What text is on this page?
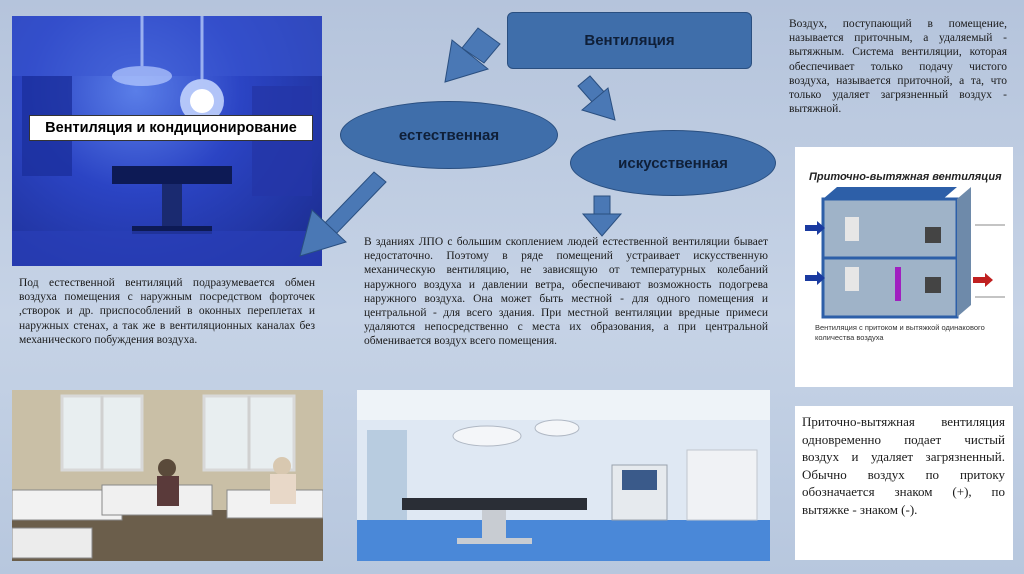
Вентиляция и кондиционирование
Вентиляция
естественная
искусственная
Воздух, поступающий в помещение, называется приточным, а удаляемый - вытяжным. Система вентиляции, которая обеспечивает только подачу чистого воздуха, называется приточной, а та, что только удаляет загрязненный воздух - вытяжной.
Приточно-вытяжная вентиляция
Вентиляция с притоком и вытяжкой одинакового количества воздуха
Под естественной вентиляций подразумевается обмен воздуха помещения с наружным посредством форточек ,створок и др. приспособлений в оконных переплетах и наружных стенах, а так же в вентиляционных каналах без механического побуждения воздуха.
В зданиях ЛПО с большим скоплением людей естественной вентиляции бывает недостаточно. Поэтому в ряде помещений устраивает искусственную механическую вентиляцию, не зависящую от температурных колебаний наружного воздуха и давлении ветра, обеспечивают возможность подогрева наружного воздуха. Она может быть местной - для одного помещения и центральной - для всего здания. При местной вентиляции вредные примеси удаляются непосредственно с места их образования, а при центральной обменивается воздух всего помещения.
Приточно-вытяжная вентиляция одновременно подает чистый воздух и удаляет загрязненный. Обычно воздух по притоку обозначается знаком (+), по вытяжке - знаком (-).
